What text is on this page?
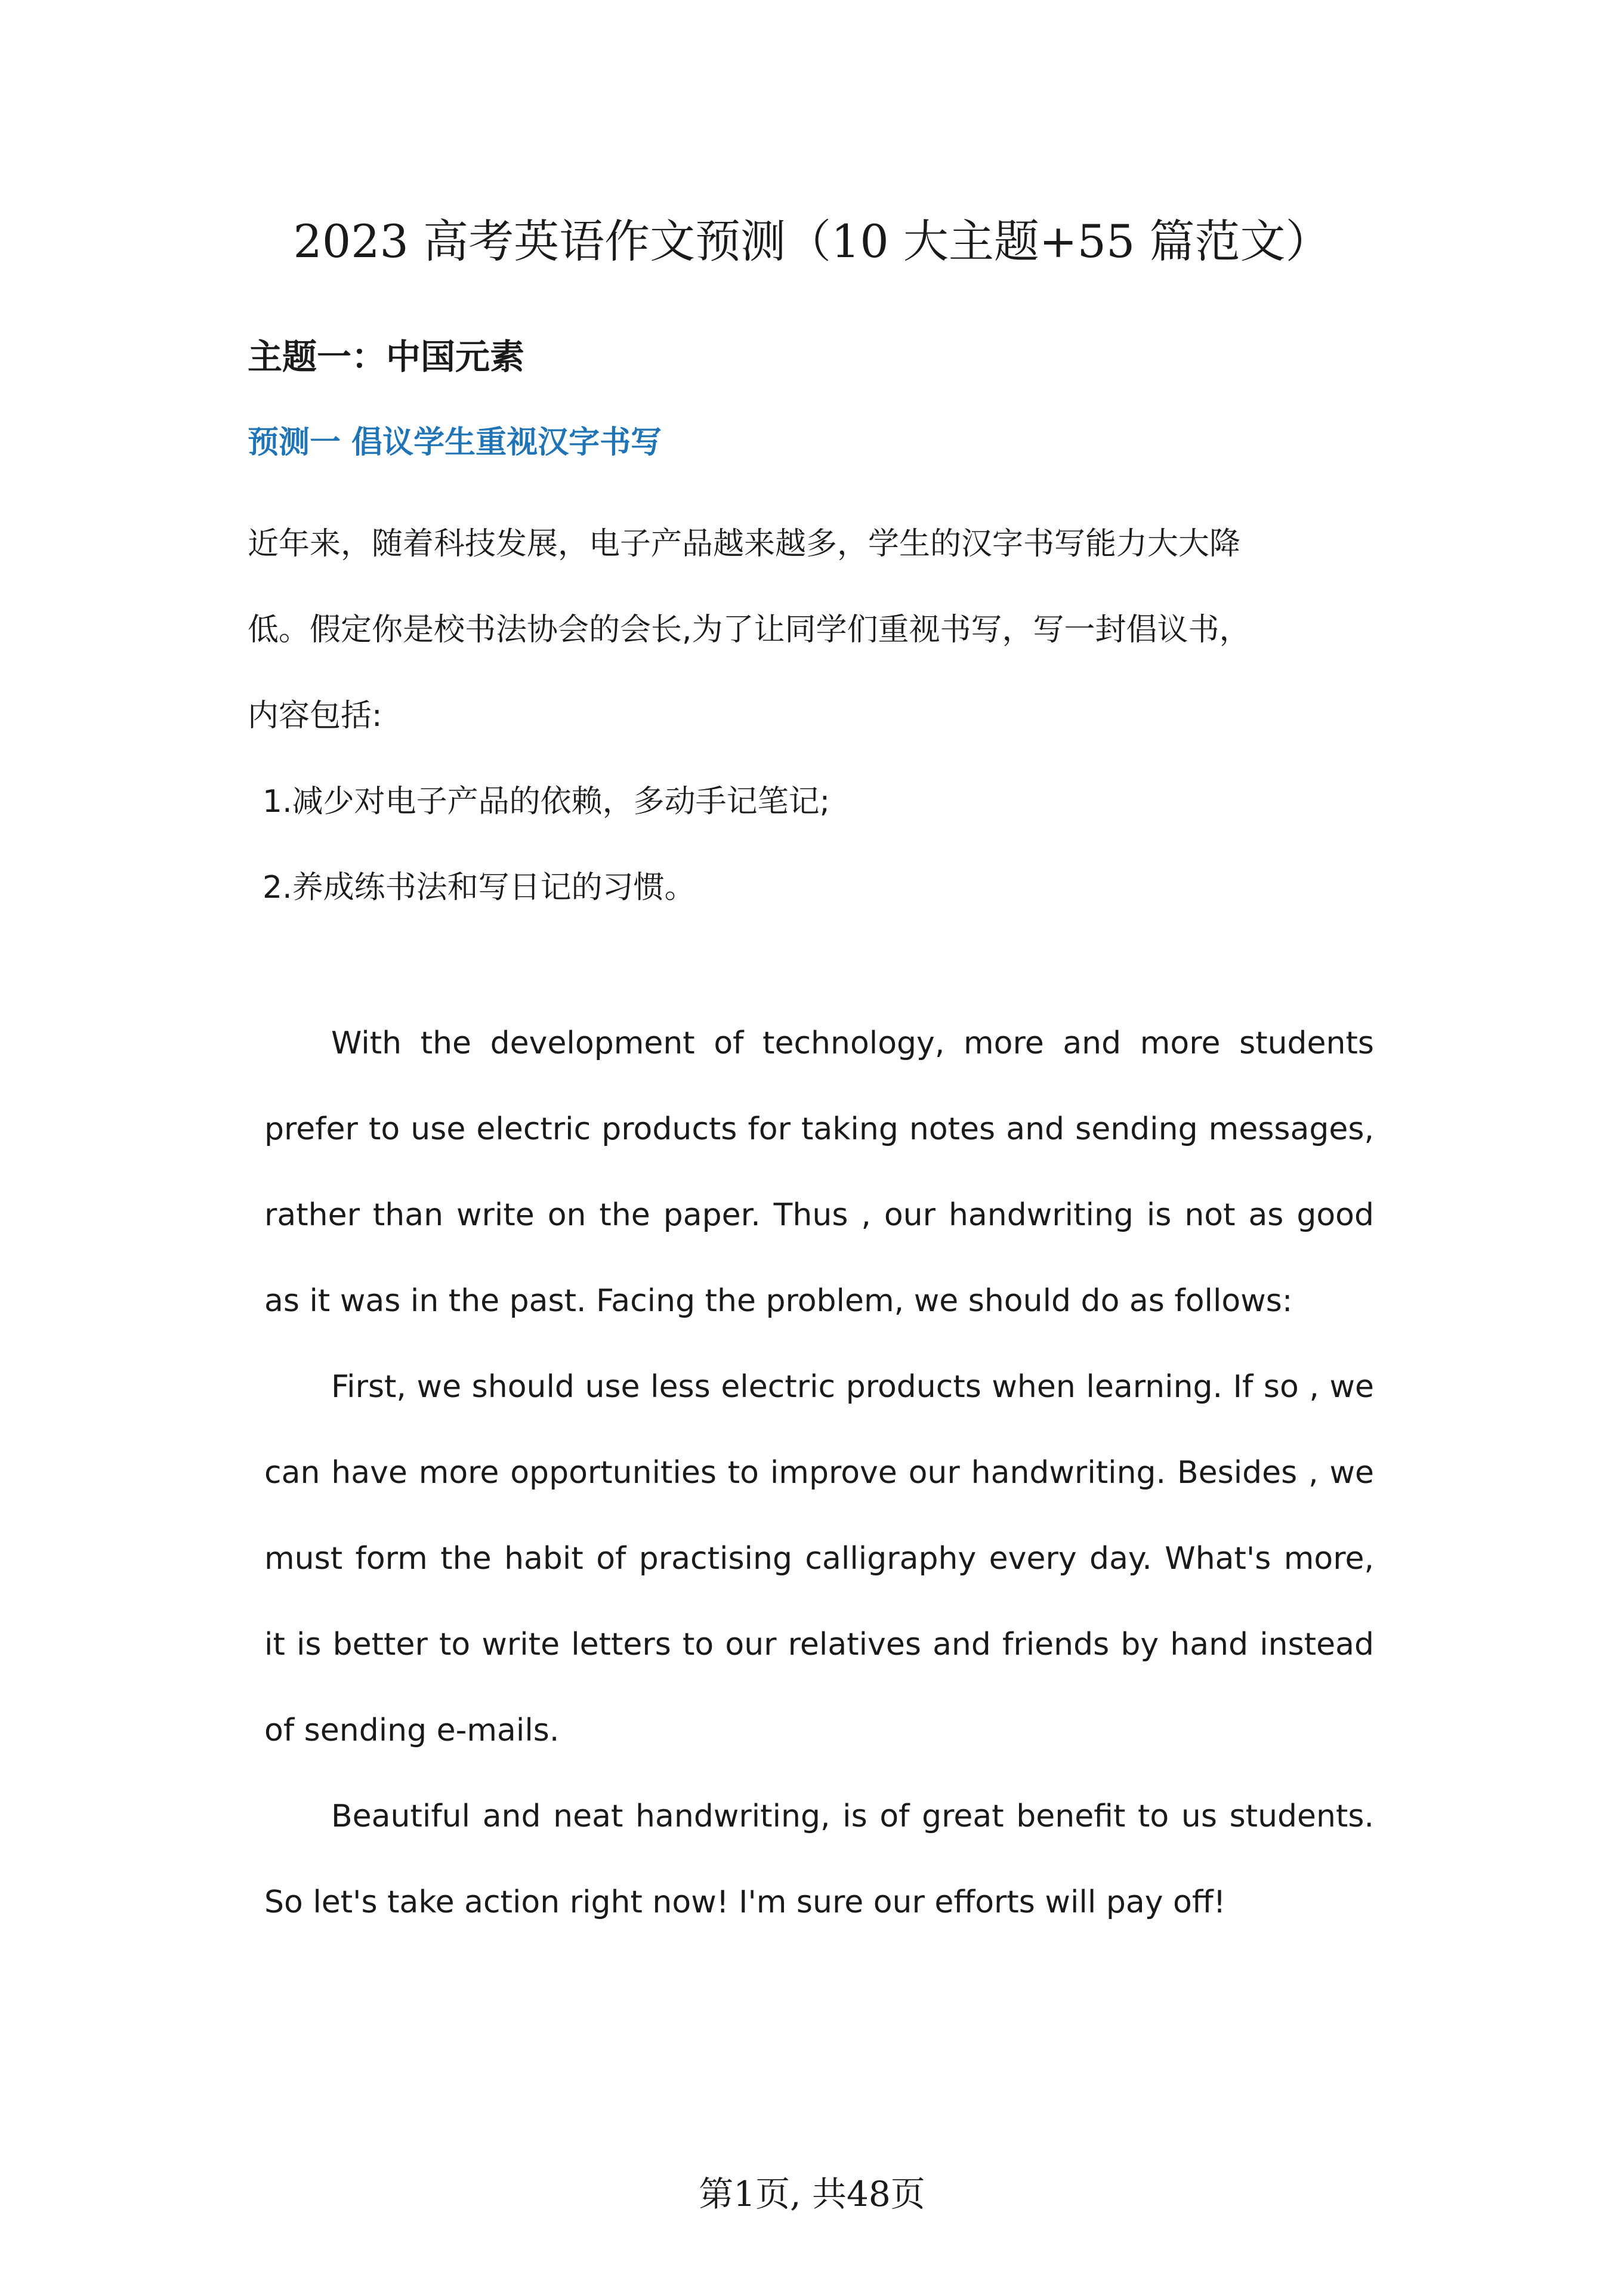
2023 高考英语作文预测（10 大主题+55 篇范文）
主题一：中国元素
预测一 倡议学生重视汉字书写

近年来，随着科技发展，电子产品越来越多，学生的汉字书写能力大大降
低。假定你是校书法协会的会长,为了让同学们重视书写，写一封倡议书，
内容包括:

1.减少对电子产品的依赖，多动手记笔记;
2.养成练书法和写日记的习惯。

With the development of technology, more and more students prefer to use electric products for taking notes and sending messages, rather than write on the paper. Thus , our handwriting is not as good as it was in the past. Facing the problem, we should do as follows:

First, we should use less electric products when learning. If so , we can have more opportunities to improve our handwriting. Besides , we must form the habit of practising calligraphy every day. What's more, it is better to write letters to our relatives and friends by hand instead of sending e-mails.

Beautiful and neat handwriting, is of great benefit to us students. So let's take action right now! I'm sure our efforts will pay off!

第1页, 共48页
